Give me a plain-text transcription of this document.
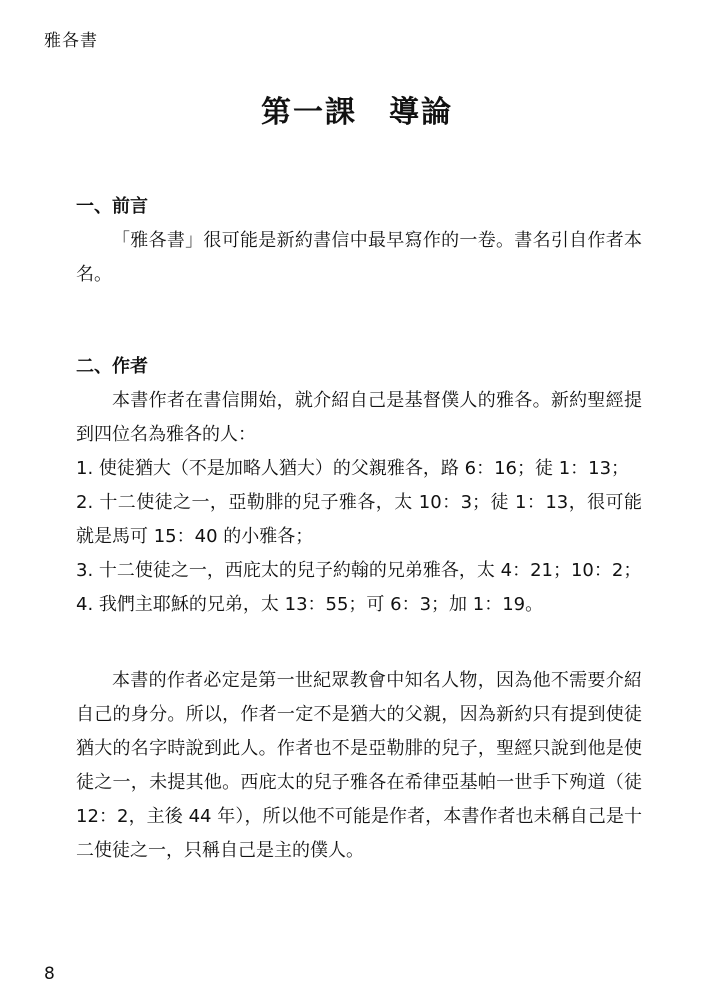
雅各書
第一課　導論

一、前言

「雅各書」很可能是新約書信中最早寫作的一卷。書名引自作者本名。

二、作者

本書作者在書信開始，就介紹自己是基督僕人的雅各。新約聖經提到四位名為雅各的人：

1. 使徒猶大（不是加略人猶大）的父親雅各，路 6：16；徒 1：13；

2. 十二使徒之一，亞勒腓的兒子雅各，太 10：3；徒 1：13，很可能就是馬可 15：40 的小雅各；

3. 十二使徒之一，西庇太的兒子約翰的兄弟雅各，太 4：21；10：2；

4. 我們主耶穌的兄弟，太 13：55；可 6：3；加 1：19。

本書的作者必定是第一世紀眾教會中知名人物，因為他不需要介紹自己的身分。所以，作者一定不是猶大的父親，因為新約只有提到使徒猶大的名字時說到此人。作者也不是亞勒腓的兒子，聖經只說到他是使徒之一，未提其他。西庇太的兒子雅各在希律亞基帕一世手下殉道（徒 12：2，主後 44 年），所以他不可能是作者，本書作者也未稱自己是十二使徒之一，只稱自己是主的僕人。

8
